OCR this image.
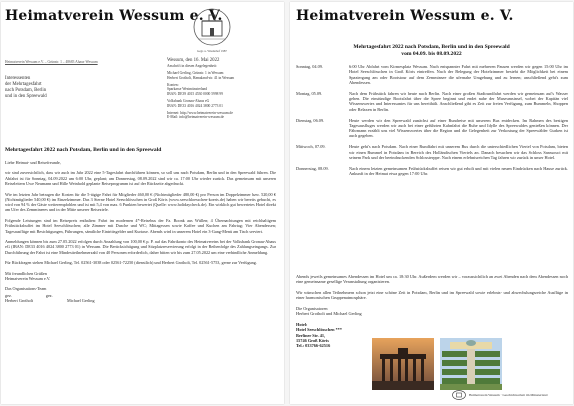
Heimatverein Wessum e. V.
Gegr. u. Wiederhof 1987
Heimatverein Wessum e.V. – Grünstr. 1 – 48683 Ahaus-Wessum	Wessum, den 16. Mai 2022
Anschrift in diesen Angelegenheit:
Michael Gerling, Grünstr. 1 in Wessum
Herbert Grotholt, Hamaland-str. 41 in Wessum
Konten:
Sparkasse Westmünsterland
IBAN: DE39 4015 4530 0000 5998 99
Volksbank Gronau-Ahaus eG
IBAN: DE33 4016 4024 3800 2773 01
Internet: http://www.heimatverein-wessum.de
E-Mail: info@heimatverein-wessum.de
Interessenten
der Mehrtagesfahrt
nach Potsdam, Berlin
und in den Spreewald
Mehrtagesfahrt 2022 nach Potsdam, Berlin und in den Spreewald

Liebe Heimat- und Reisefreunde,

wir sind zuversichtlich, dass wir auch im Jahr 2022 eine 5-Tagesfahrt durchführen können, so soll uns nach Potsdam, Berlin und in den Spreewald führen. Die Abfahrt ist für Sonntag, 04.09.2022 um 6:00 Uhr, geplant; am Donnerstag, 08.09.2022 sind wir ca. 17:00 Uhr wieder zurück. Das gemeinsam mit unseren Reiseleitern Uwe Neumann und Hille Weinhold geplante Reiseprogramm ist auf der Rückseite abgedruckt.

Wie im letzten Jahr betragen die Kosten für die 5-tägige Fahrt für Mitglieder 460,00 € (Nichtmitglieder 480,00 €) pro Person im Doppelzimmer bzw. 520,00 € (Nichtmitglieder 540,00 €) im Einzelzimmer. Das 3 Sterne Hotel Seeschlösschen in Groß Köris (www.seeschloesschen-koeris.de) haben wir bereits gebucht, es wird von 94 % der Gäste weiterempfohlen und ist mit 5,4 von max. 6 Punkten bewertet (Quelle: www.holidaycheck.de). Ein wirklich gut bewertetes Hotel direkt am Ufer des Zemmineees und in der Mitte unserer Reiseziele.

Folgende Leistungen sind im Reisepreis enthalten: Fahrt im modernen 4*-Reisebus der Fa. Boonk aus Wüllen; 4 Übernachtungen mit reichhaltigem Frühstücksbuffet im Hotel Seeschlösschen; alle Zimmer mit Dusche und WC; Mittagessen sowie Kaffee und Kuchen am Fahrtag; Vier Abendessen; Tagesausflüge mit Besichtigungen, Führungen, sämtliche Eintrittsgelder und Kurtaxe. Abends wird in unserem Hotel ein 3-Gang-Menü am Tisch serviert.

Anmeldungen können bis zum 27.05.2022 erfolgen durch Anzahlung von 100,00 € p. P. auf das Fahrtkonto des Heimatvereins bei der Volksbank Gronau-Ahaus eG (IBAN: DE33 4016 4024 3800 2773 01) in Wessum. Die Berücksichtigung und Sitzplatzreservierung erfolgt in der Reihenfolge des Zahlungseingangs. Zur Durchführung der Fahrt ist eine Mindestteilnehmerzahl von 40 Personen erforderlich, daher bitten wir bis zum 27.05.2022 um eine verbindliche Anmeldung.

Für Rückfragen stehen Michael Gerling, Tel. 02561-3038 oder 02561-72250 (dienstlich) und Herbert Grotholt, Tel. 02561-5753, gerne zur Verfügung.

Mit freundlichen Grüßen
Heimatverein Wessum e.V.

Das Organisations-Team

gez.	gez.
Herbert Grotholt	Michael Gerling
Heimatverein Wessum e. V.
Mehrtagesfahrt 2022 nach Potsdam, Berlin und in den Spreewald
vom 04.09. bis 08.09.2022
Sonntag, 04.09.	6:00 Uhr Abfahrt vom Kirmesplatz Wessum. Nach entspannter Fahrt mit mehreren Pausen werden wir gegen 15:00 Uhr im Hotel Seeschlösschen in Groß Köris eintreffen. Nach der Belegung der Hotelzimmer besteht die Möglichkeit bei einem Spaziergang am oder Bootstour auf dem Zemminsee die ufernahe Umgebung und zu lernen; anschließend geht's zum Abendessen.
Montag, 05.09.	Nach dem Frühstück fahren wir heute nach Berlin. Nach einer großen Stadtrundfahrt werden wir gemeinsam auf's Wasser gehen. Die einstündige Bootsfahrt über die Spree beginnt und endet nahe der Museumsinsel, wobei der Kapitän viel Wissenswertes und Interessantes für uns bereithält. Anschließend gibt es Zeit zur freien Verfügung, zum Bummeln, Shoppen oder Relaxen in Berlin.
Dienstag, 06.09.	Heute werden wir den Spreewald zunächst auf einer Rundreise mit unserem Bus entdecken. Im Rahmen des bestigen Tagesausfluges werden wir auch bei einer geführten Kahnfahrt die Ruhe und Idylle des Spreewaldes genießen können. Der Fährmann erzählt uns viel Wissenswertes über die Region und die Gelegenheit zur Verkostung der Spreewälder Gurken ist auch gegeben.
Mittwoch, 07.09.	Heute geht's nach Potsdam. Nach einer Rundfahrt mit unserem Bus durch die unterschiedlichen Viertel von Potsdam, bieten wir einen Bummel in Potsdam in Bereich des Holländischen Viertels an. Danach besuchen wir das Schloss Sanssouci mit seinem Park und der beeindruckenden Schlossterppe. Nach einem erlebnisreichen Tag fahren wir zurück in unser Hotel.
Donnerstag, 08.09.	Nach einem letzten gemeinsamen Frühstücksbuffet reisen wir gut erholt und mit vielen neuen Eindrücken nach Hause zurück. Ankunft in der Heimat etwa gegen 17:00 Uhr.

Abends jeweils gemeinsames Abendessen im Hotel um ca. 18:30 Uhr. Außerdem werden wir – voraussichtlich an zwei Abenden nach dem Abendessen noch eine gemeinsame gesellige Veranstaltung organisieren.

Wir wünschen allen Teilnehmern schon jetzt eine schöne Zeit in Potsdam, Berlin und im Spreewald sowie erlebnis- und abwechslungsreiche Ausflüge in einer harmonischen Gruppenatmosphäre.

Die Organisatoren
Herbert Grotholt und Michael Gerling

Hotel:
Hotel Seeschlösschen ***
Berliner Str. 41,
15746 Groß Köris
Tel.: 033766-62516
Heimatverein Wessum · Geschichtsarbeit im Münsterland
